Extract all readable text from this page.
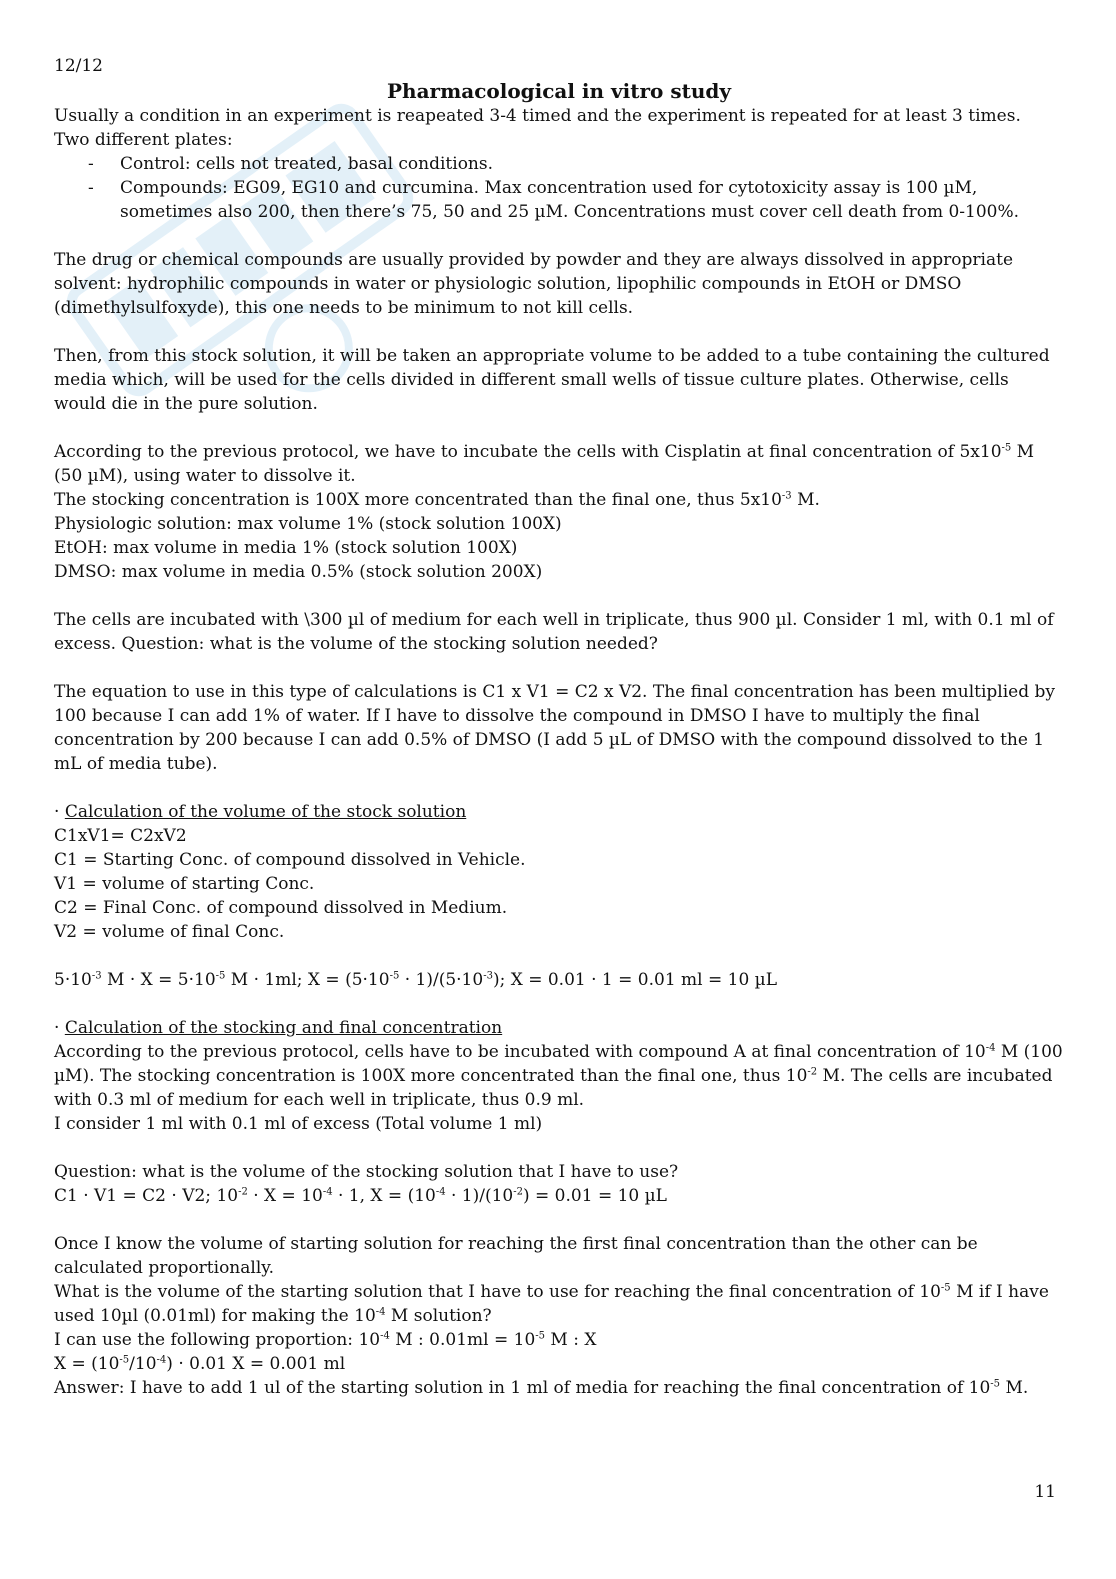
12/12

Pharmacological in vitro study

Usually a condition in an experiment is reapeated 3-4 timed and the experiment is repeated for at least 3 times.

Two different plates:

- Control: cells not treated, basal conditions.
- Compounds: EG09, EG10 and curcumina. Max concentration used for cytotoxicity assay is 100 µM, sometimes also 200, then there’s 75, 50 and 25 µM. Concentrations must cover cell death from 0-100%.

The drug or chemical compounds are usually provided by powder and they are always dissolved in appropriate solvent: hydrophilic compounds in water or physiologic solution, lipophilic compounds in EtOH or DMSO (dimethylsulfoxyde), this one needs to be minimum to not kill cells.

Then, from this stock solution, it will be taken an appropriate volume to be added to a tube containing the cultured media which, will be used for the cells divided in different small wells of tissue culture plates. Otherwise, cells would die in the pure solution.

According to the previous protocol, we have to incubate the cells with Cisplatin at final concentration of $5x10^{-5}$ M (50 µM), using water to dissolve it.

The stocking concentration is 100X more concentrated than the final one, thus $5x10^{-3}$ M.

Physiologic solution: max volume 1% (stock solution 100X)

EtOH: max volume in media 1% (stock solution 100X)

DMSO: max volume in media 0.5% (stock solution 200X)

The cells are incubated with \300 µl of medium for each well in triplicate, thus 900 µl. Consider 1 ml, with 0.1 ml of excess. Question: what is the volume of the stocking solution needed?

The equation to use in this type of calculations is C1 x V1 = C2 x V2. The final concentration has been multiplied by 100 because I can add 1% of water. If I have to dissolve the compound in DMSO I have to multiply the final concentration by 200 because I can add 0.5% of DMSO (I add 5 µL of DMSO with the compound dissolved to the 1 mL of media tube).

· Calculation of the volume of the stock solution

C1xV1= C2xV2

C1 = Starting Conc. of compound dissolved in Vehicle.

V1 = volume of starting Conc.

C2 = Final Conc. of compound dissolved in Medium.

V2 = volume of final Conc.

$5\cdot 10^{-3}$ $M \cdot X = 5\cdot 10^{-5}$ M · 1ml; $X = (5\cdot 10^{-5} \cdot 1)/(5\cdot 10^{-3})$; X = 0.01 · 1 = 0.01 ml = 10 µL

· Calculation of the stocking and final concentration

According to the previous protocol, cells have to be incubated with compound A at final concentration of $10^{-4}$ M (100 µM). The stocking concentration is 100X more concentrated than the final one, thus $10^{-2}$ M. The cells are incubated with 0.3 ml of medium for each well in triplicate, thus 0.9 ml.

I consider 1 ml with 0.1 ml of excess (Total volume 1 ml)

Question: what is the volume of the stocking solution that I have to use?

C1 · V1 = C2 · V2; $10^{-2} \cdot X = 10^{-4} \cdot 1$, $X = (10^{-4} \cdot 1)/(10^{-2}) = 0.01 = 10$ µL

Once I know the volume of starting solution for reaching the first final concentration than the other can be calculated proportionally.

What is the volume of the starting solution that I have to use for reaching the final concentration of $10^{-5}$ M if I have used 10µl (0.01ml) for making the $10^{-4}$ M solution?

I can use the following proportion: $10^{-4}$ M : $0.01ml = 10^{-5}$ M : X

$X = (10^{-5}/10^{-4}) \cdot 0.01$ X = 0.001 ml

Answer: I have to add 1 ul of the starting solution in 1 ml of media for reaching the final concentration of $10^{-5}$ M.

11
